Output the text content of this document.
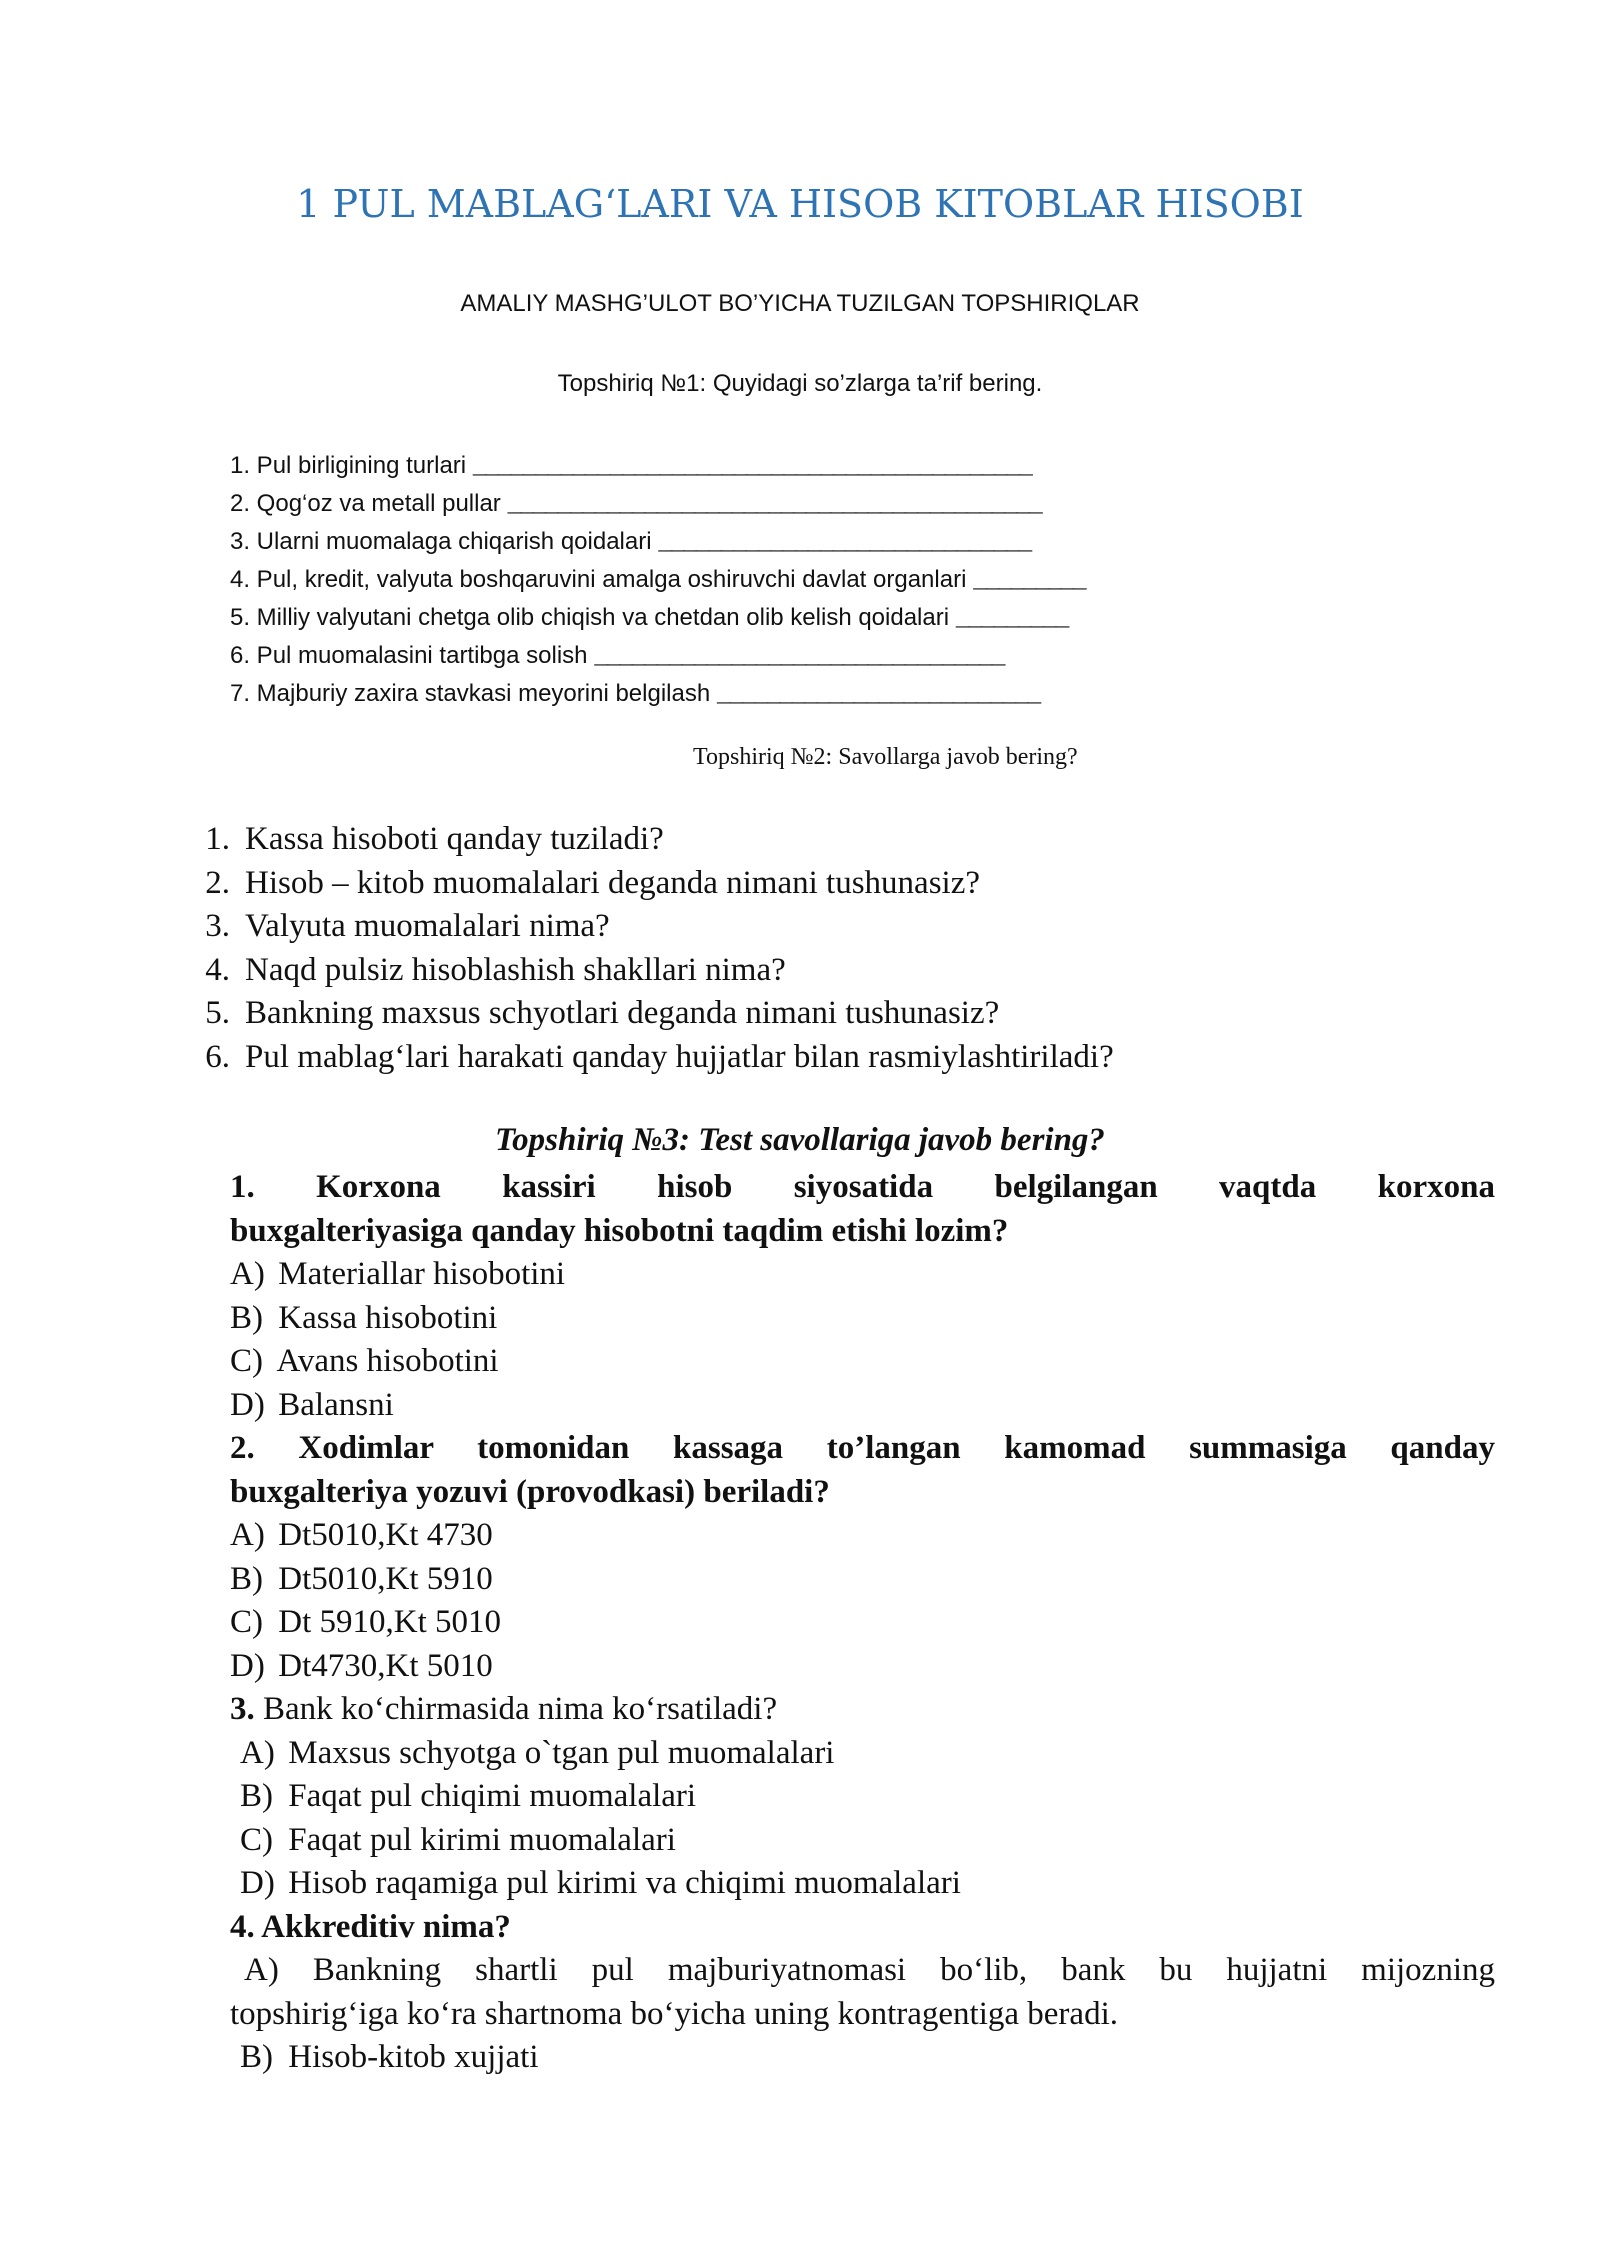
1 PUL MABLAG‘LARI VA HISOB KITOBLAR HISOBI
AMALIY MASHG’ULOT BO’YICHA TUZILGAN TOPSHIRIQLAR
Topshiriq №1: Quyidagi so’zlarga ta’rif bering.
1. Pul birligining turlari _____________________________________________
2. Qog‘oz va metall pullar ___________________________________________
3. Ularni muomalaga chiqarish qoidalari ______________________________
4. Pul, kredit, valyuta boshqaruvini amalga oshiruvchi davlat organlari _________
5. Milliy valyutani chetga olib chiqish va chetdan olib kelish qoidalari _________
6. Pul muomalasini tartibga solish _________________________________
7. Majburiy zaxira stavkasi meyorini belgilash __________________________
Topshiriq №2: Savollarga javob bering?
1. Kassa hisoboti qanday tuziladi?
2. Hisob – kitob muomalalari deganda nimani tushunasiz?
3. Valyuta muomalalari nima?
4. Naqd pulsiz hisoblashish shakllari nima?
5. Bankning maxsus schyotlari deganda nimani tushunasiz?
6. Pul mablag‘lari harakati qanday hujjatlar bilan rasmiylashtiriladi?
Topshiriq №3: Test savollariga javob bering?
1.   Korxona   kassiri   hisob   siyosatida   belgilangan   vaqtda   korxona
buxgalteriyasiga qanday hisobotni taqdim etishi lozim?
A) Materiallar hisobotini
B) Kassa hisobotini
C) Avans hisobotini
D) Balansni
2. Xodimlar tomonidan kassaga to’langan kamomad summasiga qanday
buxgalteriya yozuvi (provodkasi) beriladi?
A) Dt5010,Kt 4730
B) Dt5010,Kt 5910
C) Dt 5910,Kt 5010
D) Dt4730,Kt 5010
3. Bank ko‘chirmasida nima ko‘rsatiladi?
A) Maxsus schyotga o`tgan pul muomalalari
B) Faqat pul chiqimi muomalalari
C) Faqat pul kirimi muomalalari
D) Hisob raqamiga pul kirimi va chiqimi muomalalari
4. Akkreditiv nima?
A) Bankning shartli pul majburiyatnomasi bo‘lib, bank bu hujjatni mijozning
topshirig‘iga ko‘ra shartnoma bo‘yicha uning kontragentiga beradi.
B) Hisob-kitob xujjati
